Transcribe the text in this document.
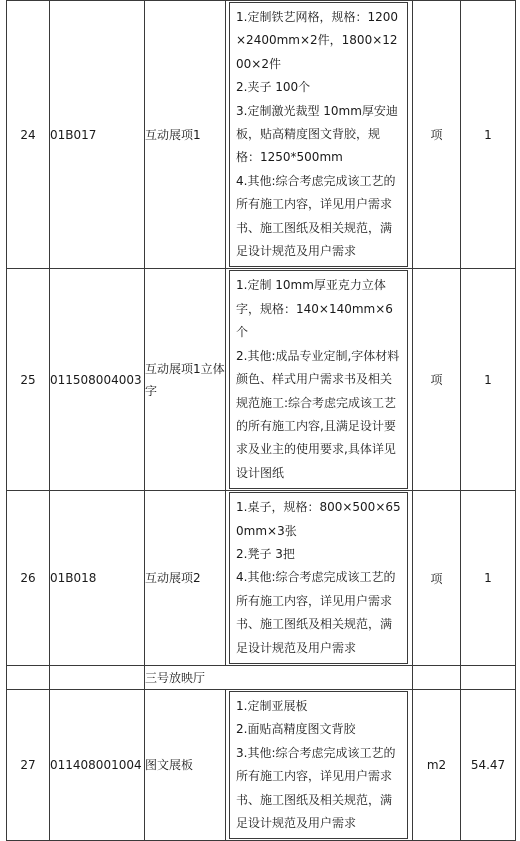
24	01B017	互动展项1	1.定制铁艺网格，规格：1200×2400mm×2件，1800×1200×2件
2.夹子 100个
3.定制激光裁型 10mm厚安迪板，贴高精度图文背胶，规格：1250*500mm
4.其他:综合考虑完成该工艺的所有施工内容，详见用户需求书、施工图纸及相关规范，满足设计规范及用户需求	项	1
25	011508004003	互动展项1立体字	1.定制 10mm厚亚克力立体字，规格：140×140mm×6个
2.其他:成品专业定制,字体材料颜色、样式用户需求书及相关规范施工:综合考虑完成该工艺的所有施工内容,且满足设计要求及业主的使用要求,具体详见设计图纸	项	1
26	01B018	互动展项2	1.桌子，规格：800×500×650mm×3张
2.凳子 3把
4.其他:综合考虑完成该工艺的所有施工内容，详见用户需求书、施工图纸及相关规范，满足设计规范及用户需求	项	1
		三号放映厅			
27	011408001004	图文展板	1.定制亚展板
2.面贴高精度图文背胶
3.其他:综合考虑完成该工艺的所有施工内容，详见用户需求书、施工图纸及相关规范，满足设计规范及用户需求	m2	54.47
